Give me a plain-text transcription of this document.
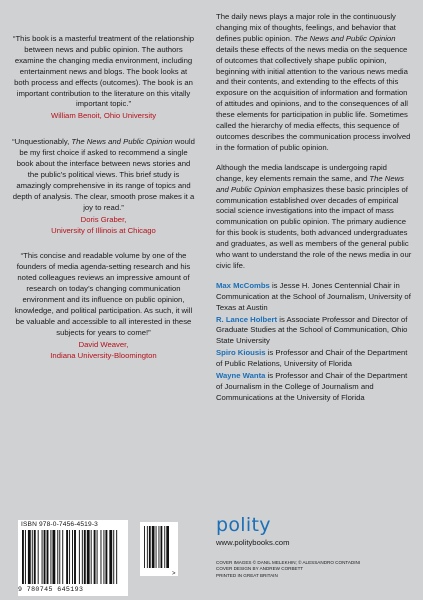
“This book is a masterful treatment of the relationship between news and public opinion. The authors examine the changing media environment, including entertainment news and blogs. The book looks at both process and effects (outcomes). The book is an important contribution to the literature on this vitally important topic.”

William Benoit, Ohio University

“Unquestionably, The News and Public Opinion would be my first choice if asked to recommend a single book about the interface between news stories and the public’s political views. This brief study is amazingly comprehensive in its range of topics and depth of analysis. The clear, smooth prose makes it a joy to read.”

Doris Graber,
University of Illinois at Chicago

“This concise and readable volume by one of the founders of media agenda-setting research and his noted colleagues reviews an impressive amount of research on today’s changing communication environment and its influence on public opinion, knowledge, and political participation. As such, it will be valuable and accessible to all interested in these subjects for years to come!”

David Weaver,
Indiana University-Bloomington

The daily news plays a major role in the continuously changing mix of thoughts, feelings, and behavior that defines public opinion. The News and Public Opinion details these effects of the news media on the sequence of outcomes that collectively shape public opinion, beginning with initial attention to the various news media and their contents, and extending to the effects of this exposure on the acquisition of information and formation of attitudes and opinions, and to the consequences of all these elements for participation in public life. Sometimes called the hierarchy of media effects, this sequence of outcomes describes the communication process involved in the formation of public opinion.

Although the media landscape is undergoing rapid change, key elements remain the same, and The News and Public Opinion emphasizes these basic principles of communication established over decades of empirical social science investigations into the impact of mass communication on public opinion. The primary audience for this book is students, both advanced undergraduates and graduates, as well as members of the general public who want to understand the role of the news media in our civic life.

Max McCombs is Jesse H. Jones Centennial Chair in Communication at the School of Journalism, University of Texas at Austin

R. Lance Holbert is Associate Professor and Director of Graduate Studies at the School of Communication, Ohio State University

Spiro Kiousis is Professor and Chair of the Department of Public Relations, University of Florida

Wayne Wanta is Professor and Chair of the Department of Journalism in the College of Journalism and Communications at the University of Florida

ISBN 978-0-7456-4519-3
9 780745 645193
>
polity
www.politybooks.com
COVER IMAGES © DANIL MELEKHIN; © ALESSANDRO CONTADINI
COVER DESIGN BY ANDREW CORBETT
PRINTED IN GREAT BRITAIN
